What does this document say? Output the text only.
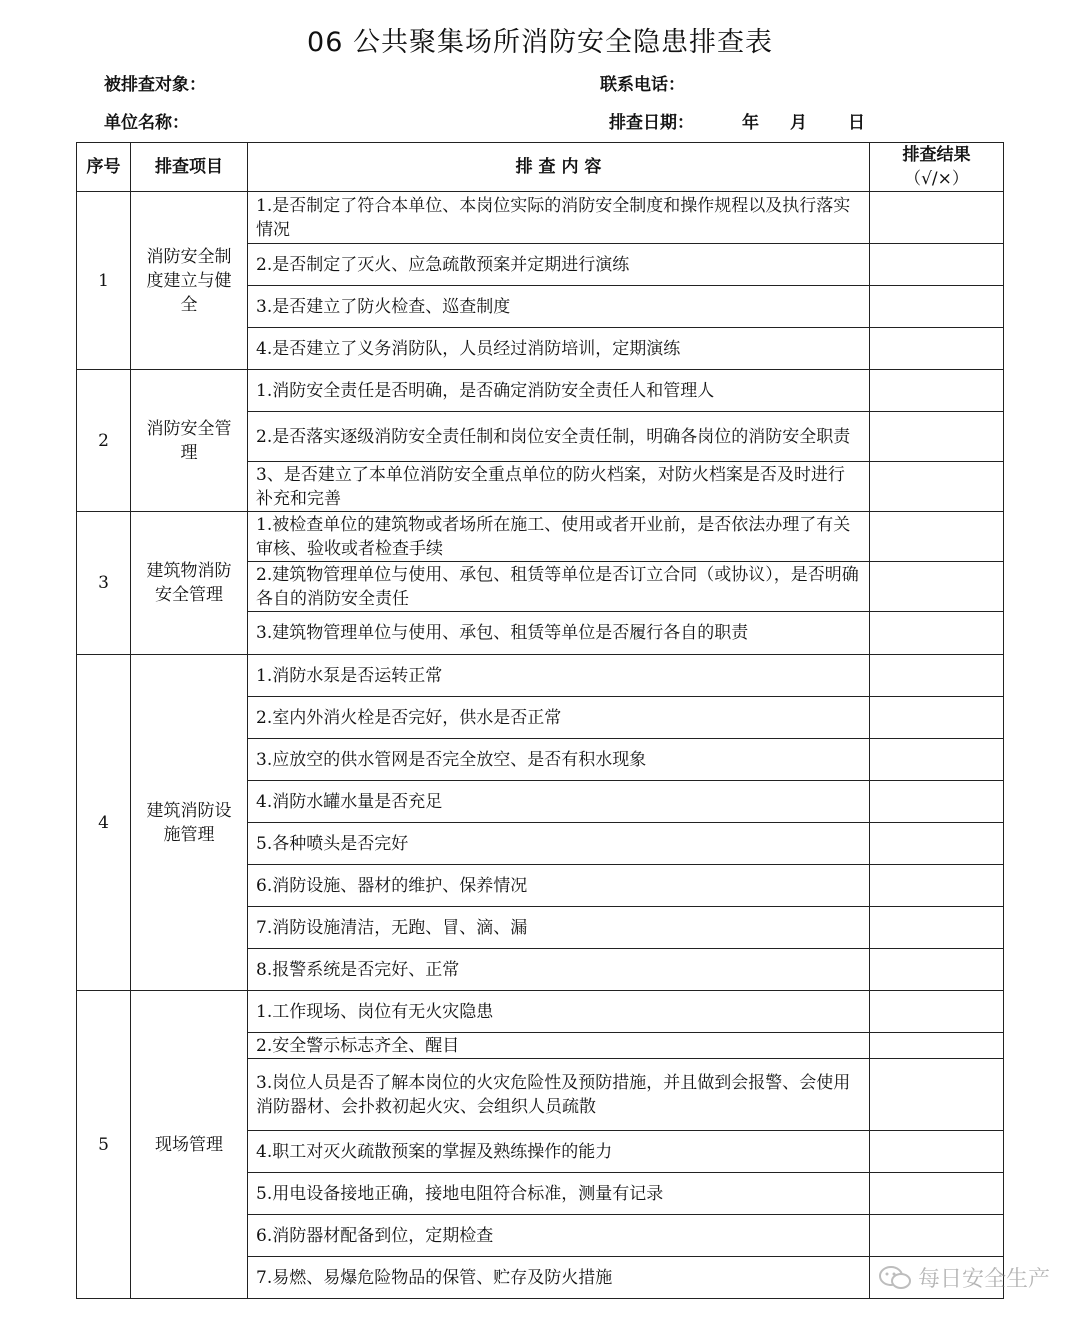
06 公共聚集场所消防安全隐患排查表
被排查对象：	联系电话：
单位名称：	排查日期：	年 月 日
序号	排查项目	排 查 内 容	排查结果
（√/×）
1	消防安全制度建立与健全	1.是否制定了符合本单位、本岗位实际的消防安全制度和操作规程以及执行落实情况	
		2.是否制定了灭火、应急疏散预案并定期进行演练	
		3.是否建立了防火检查、巡查制度	
		4.是否建立了义务消防队，人员经过消防培训，定期演练	
2	消防安全管理	1.消防安全责任是否明确，是否确定消防安全责任人和管理人	
		2.是否落实逐级消防安全责任制和岗位安全责任制，明确各岗位的消防安全职责	
		3、是否建立了本单位消防安全重点单位的防火档案，对防火档案是否及时进行补充和完善	
3	建筑物消防安全管理	1.被检查单位的建筑物或者场所在施工、使用或者开业前，是否依法办理了有关审核、验收或者检查手续	
		2.建筑物管理单位与使用、承包、租赁等单位是否订立合同（或协议），是否明确各自的消防安全责任	
		3.建筑物管理单位与使用、承包、租赁等单位是否履行各自的职责	
4	建筑消防设施管理	1.消防水泵是否运转正常	
		2.室内外消火栓是否完好，供水是否正常	
		3.应放空的供水管网是否完全放空、是否有积水现象	
		4.消防水罐水量是否充足	
		5.各种喷头是否完好	
		6.消防设施、器材的维护、保养情况	
		7.消防设施清洁，无跑、冒、滴、漏	
		8.报警系统是否完好、正常	
5	现场管理	1.工作现场、岗位有无火灾隐患	
		2.安全警示标志齐全、醒目	
		3.岗位人员是否了解本岗位的火灾危险性及预防措施，并且做到会报警、会使用消防器材、会扑救初起火灾、会组织人员疏散	
		4.职工对灭火疏散预案的掌握及熟练操作的能力	
		5.用电设备接地正确，接地电阻符合标准，测量有记录	
		6.消防器材配备到位，定期检查	
		7.易燃、易爆危险物品的保管、贮存及防火措施		每日安全生产
